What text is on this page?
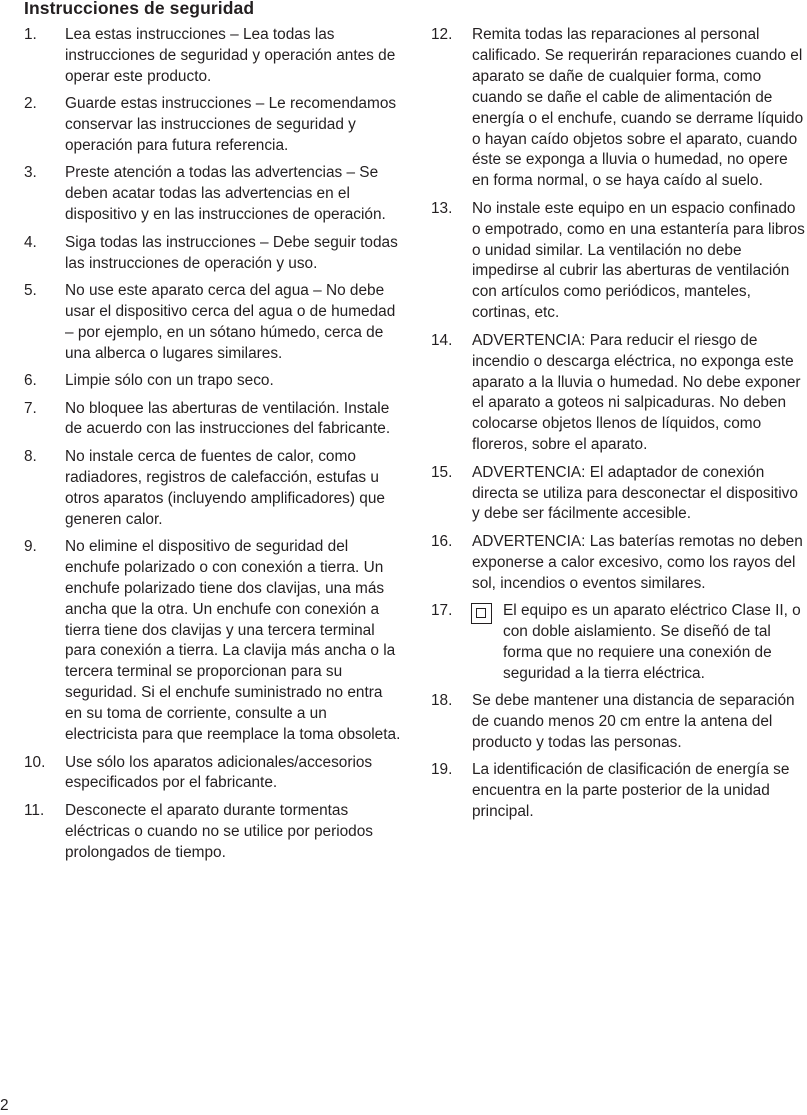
Instrucciones de seguridad
1. Lea estas instrucciones – Lea todas las instrucciones de seguridad y operación antes de operar este producto.
2. Guarde estas instrucciones – Le recomendamos conservar las instrucciones de seguridad y operación para futura referencia.
3. Preste atención a todas las advertencias – Se deben acatar todas las advertencias en el dispositivo y en las instrucciones de operación.
4. Siga todas las instrucciones – Debe seguir todas las instrucciones de operación y uso.
5. No use este aparato cerca del agua – No debe usar el dispositivo cerca del agua o de humedad – por ejemplo, en un sótano húmedo, cerca de una alberca o lugares similares.
6. Limpie sólo con un trapo seco.
7. No bloquee las aberturas de ventilación. Instale de acuerdo con las instrucciones del fabricante.
8. No instale cerca de fuentes de calor, como radiadores, registros de calefacción, estufas u otros aparatos (incluyendo amplificadores) que generen calor.
9. No elimine el dispositivo de seguridad del enchufe polarizado o con conexión a tierra. Un enchufe polarizado tiene dos clavijas, una más ancha que la otra. Un enchufe con conexión a tierra tiene dos clavijas y una tercera terminal para conexión a tierra. La clavija más ancha o la tercera terminal se proporcionan para su seguridad. Si el enchufe suministrado no entra en su toma de corriente, consulte a un electricista para que reemplace la toma obsoleta.
10. Use sólo los aparatos adicionales/accesorios especificados por el fabricante.
11. Desconecte el aparato durante tormentas eléctricas o cuando no se utilice por periodos prolongados de tiempo.
12. Remita todas las reparaciones al personal calificado. Se requerirán reparaciones cuando el aparato se dañe de cualquier forma, como cuando se dañe el cable de alimentación de energía o el enchufe, cuando se derrame líquido o hayan caído objetos sobre el aparato, cuando éste se exponga a lluvia o humedad, no opere en forma normal, o se haya caído al suelo.
13. No instale este equipo en un espacio confinado o empotrado, como en una estantería para libros o unidad similar. La ventilación no debe impedirse al cubrir las aberturas de ventilación con artículos como periódicos, manteles, cortinas, etc.
14. ADVERTENCIA: Para reducir el riesgo de incendio o descarga eléctrica, no exponga este aparato a la lluvia o humedad. No debe exponer el aparato a goteos ni salpicaduras. No deben colocarse objetos llenos de líquidos, como floreros, sobre el aparato.
15. ADVERTENCIA: El adaptador de conexión directa se utiliza para desconectar el dispositivo y debe ser fácilmente accesible.
16. ADVERTENCIA: Las baterías remotas no deben exponerse a calor excesivo, como los rayos del sol, incendios o eventos similares.
17.	El equipo es un aparato eléctrico Clase II, o con doble aislamiento. Se diseñó de tal forma que no requiere una conexión de seguridad a la tierra eléctrica.
18. Se debe mantener una distancia de separación de cuando menos 20 cm entre la antena del producto y todas las personas.
19. La identificación de clasificación de energía se encuentra en la parte posterior de la unidad principal.
2
